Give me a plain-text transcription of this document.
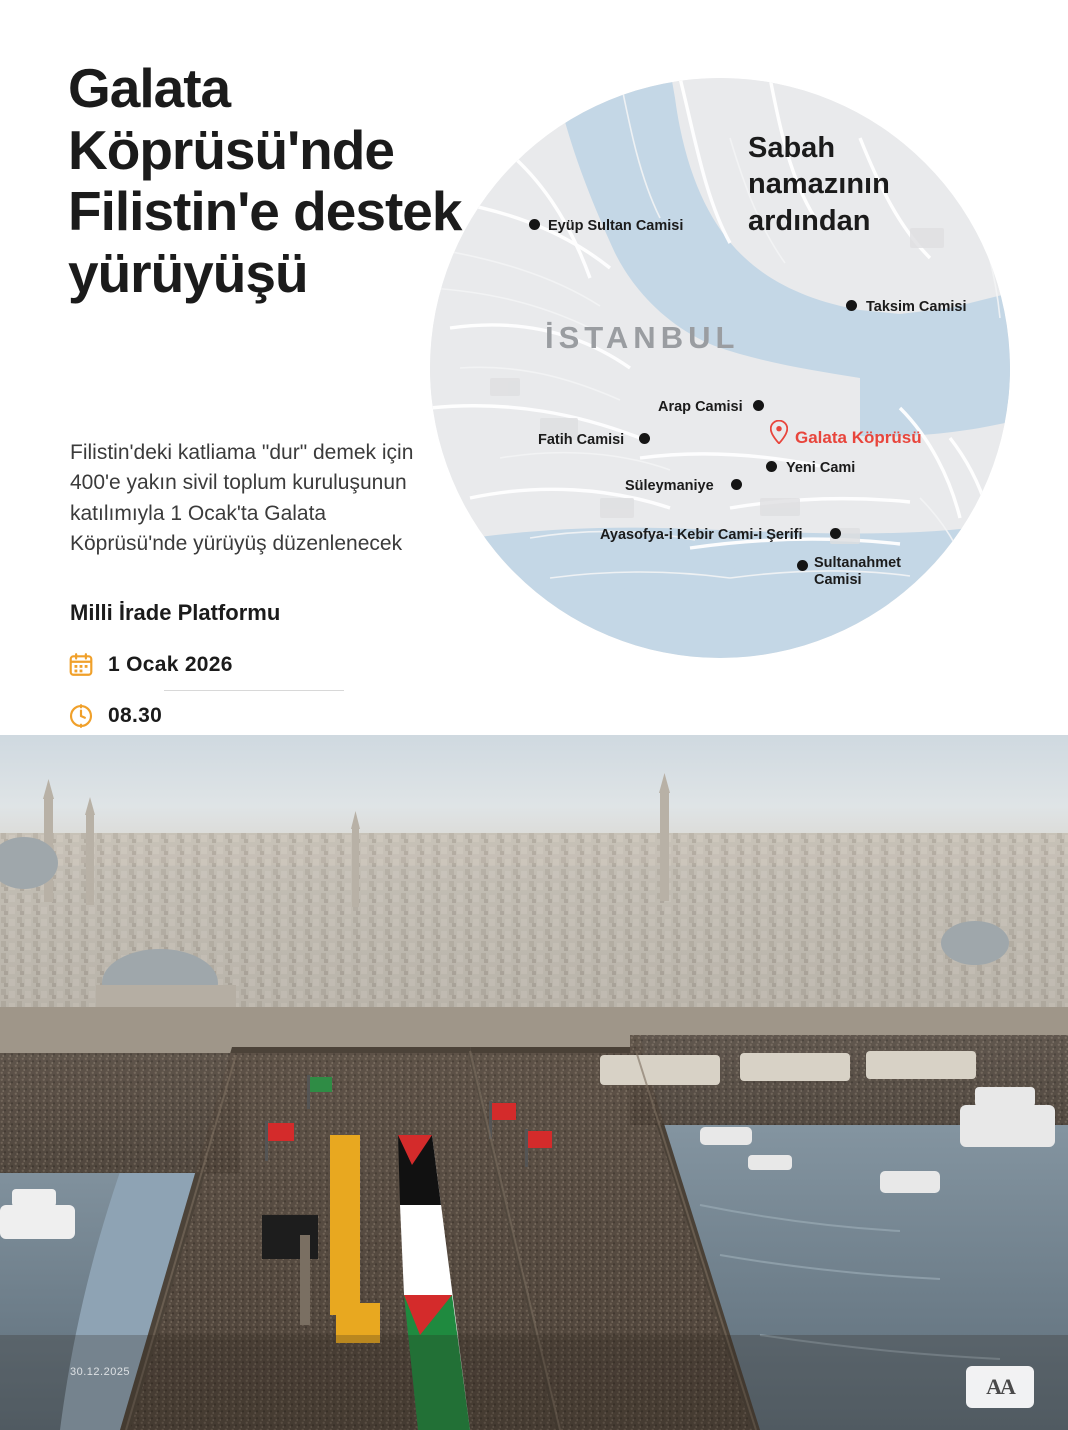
Galata Köprüsü'nde Filistin'e destek yürüyüşü

Filistin'deki katliama "dur" demek için 400'e yakın sivil toplum kuruluşunun katılımıyla 1 Ocak'ta Galata Köprüsü'nde yürüyüş düzenlenecek

Milli İrade Platformu
1 Ocak 2026
08.30
İSTANBUL
Eyüp Sultan Camisi
Taksim Camisi
Arap Camisi
Fatih Camisi
Yeni Cami
Süleymaniye
Ayasofya-i Kebir Cami-i Şerifi
Sultanahmet Camisi
Galata Köprüsü
Sabah namazının ardından
30.12.2025
AA
